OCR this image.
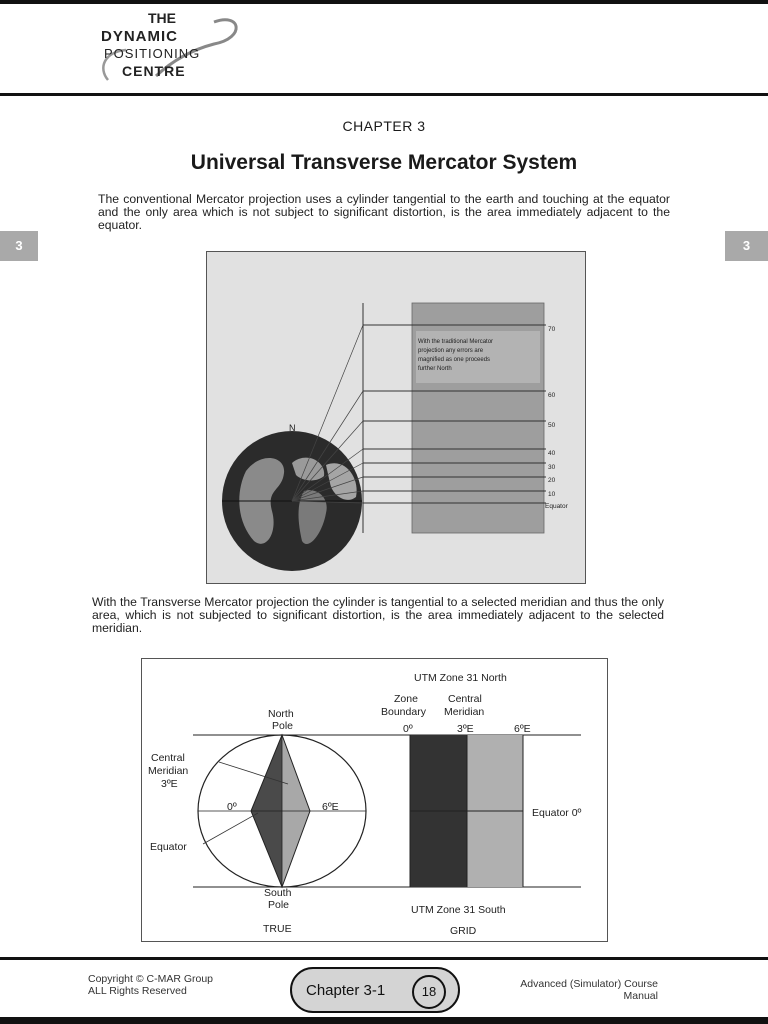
THE
DYNAMIC
POSITIONING
CENTRE
CHAPTER 3
Universal Transverse Mercator System
3	3

The conventional Mercator projection uses a cylinder tangential to the earth and touching at the equator and the only area which is not subject to significant distortion, is the area immediately adjacent to the equator.

N
With the traditional Mercator
projection any errors are
magnified as one proceeds
further North
70
60
50
40
30
20
10
Equator

With the Transverse Mercator projection the cylinder is tangential to a selected meridian and thus the only area, which is not subjected to significant distortion, is the area immediately adjacent to the selected meridian.

UTM Zone 31 North
Zone
Boundary
Central
Meridian
0º	3ºE	6ºE
North
Pole
Central
Meridian
3ºE
0º	6ºE
Equator
Equator 0º
South
Pole	UTM Zone 31 South
TRUE	GRID
Copyright © C-MAR Group
ALL Rights Reserved	Chapter 3-1	18	Advanced (Simulator) Course
Manual
